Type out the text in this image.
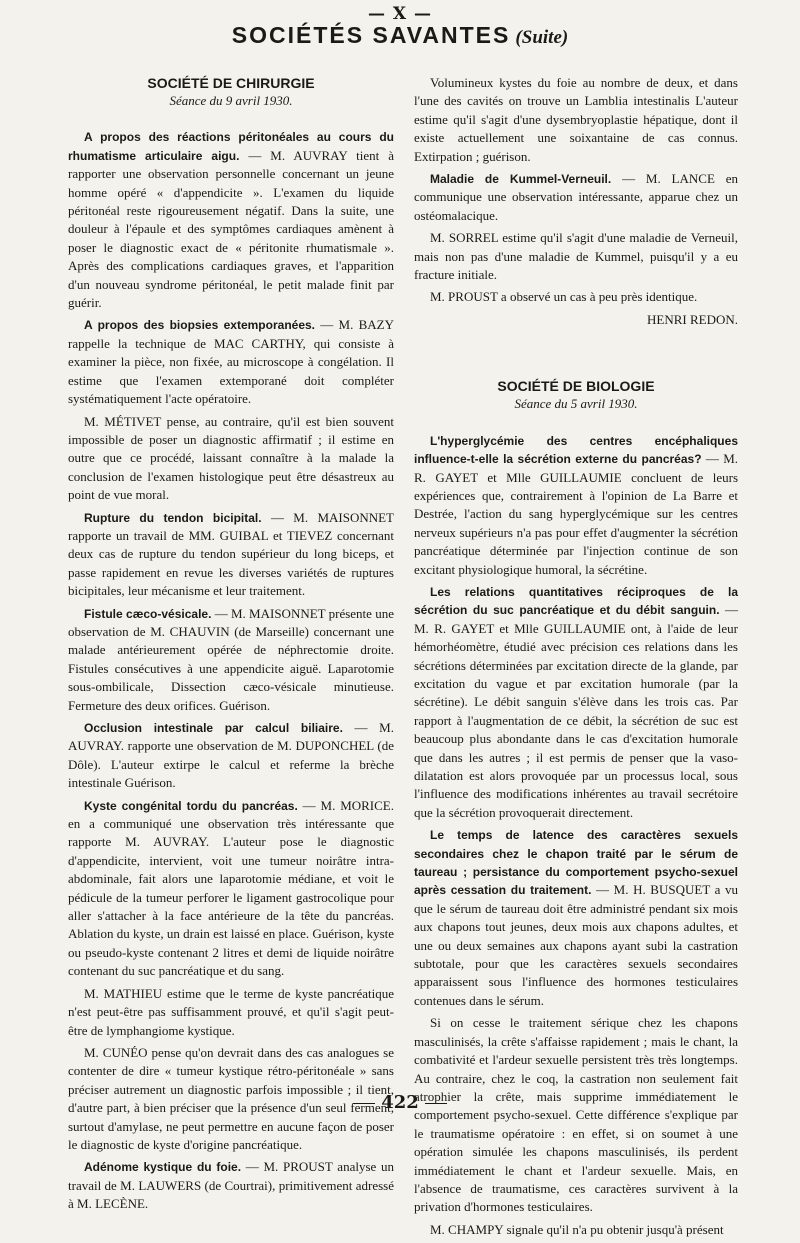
— X —
SOCIÉTÉS SAVANTES (Suite)
SOCIÉTÉ DE CHIRURGIE
Séance du 9 avril 1930.

A propos des réactions péritonéales au cours du rhumatisme articulaire aigu. — M. AUVRAY tient à rapporter une observation personnelle concernant un jeune homme opéré « d'appendicite ». L'examen du liquide péritonéal reste rigoureusement négatif. Dans la suite, une douleur à l'épaule et des symptômes cardiaques amènent à poser le diagnostic exact de « péritonite rhumatismale ». Après des complications cardiaques graves, et l'apparition d'un nouveau syndrome péritonéal, le petit malade finit par guérir.

A propos des biopsies extemporanées. — M. BAZY rappelle la technique de MAC CARTHY, qui consiste à examiner la pièce, non fixée, au microscope à congélation. Il estime que l'examen extemporané doit compléter systématiquement l'acte opératoire.

M. MÉTIVET pense, au contraire, qu'il est bien souvent impossible de poser un diagnostic affirmatif ; il estime en outre que ce procédé, laissant connaître à la malade la conclusion de l'examen histologique peut être désastreux au point de vue moral.

Rupture du tendon bicipital. — M. MAISONNET rapporte un travail de MM. GUIBAL et TIEVEZ concernant deux cas de rupture du tendon supérieur du long biceps, et passe rapidement en revue les diverses variétés de ruptures bicipitales, leur mécanisme et leur traitement.

Fistule cæco-vésicale. — M. MAISONNET présente une observation de M. CHAUVIN (de Marseille) concernant une malade antérieurement opérée de néphrectomie droite. Fistules consécutives à une appendicite aiguë. Laparotomie sous-ombilicale, Dissection cæco-vésicale minutieuse. Fermeture des deux orifices. Guérison.

Occlusion intestinale par calcul biliaire. — M. AUVRAY. rapporte une observation de M. DUPONCHEL (de Dôle). L'auteur extirpe le calcul et referme la brèche intestinale Guérison.

Kyste congénital tordu du pancréas. — M. MORICE. en a communiqué une observation très intéressante que rapporte M. AUVRAY. L'auteur pose le diagnostic d'appendicite, intervient, voit une tumeur noirâtre intra-abdominale, fait alors une laparotomie médiane, et voit le pédicule de la tumeur perforer le ligament gastrocolique pour aller s'attacher à la face antérieure de la tête du pancréas. Ablation du kyste, un drain est laissé en place. Guérison, kyste ou pseudo-kyste contenant 2 litres et demi de liquide noirâtre contenant du suc pancréatique et du sang.

M. MATHIEU estime que le terme de kyste pancréatique n'est peut-être pas suffisamment prouvé, et qu'il s'agit peut-être de lymphangiome kystique.

M. CUNÉO pense qu'on devrait dans des cas analogues se contenter de dire « tumeur kystique rétro-péritonéale » sans préciser autrement un diagnostic parfois impossible ; il tient, d'autre part, à bien préciser que la présence d'un seul ferment, surtout d'amylase, ne peut permettre en aucune façon de poser le diagnostic de kyste d'origine pancréatique.

Adénome kystique du foie. — M. PROUST analyse un travail de M. LAUWERS (de Courtrai), primitivement adressé à M. LECÈNE.

Volumineux kystes du foie au nombre de deux, et dans l'une des cavités on trouve un Lamblia intestinalis L'auteur estime qu'il s'agit d'une dysembryoplastie hépatique, dont il existe actuellement une soixantaine de cas connus. Extirpation ; guérison.

Maladie de Kummel-Verneuil. — M. LANCE en communique une observation intéressante, apparue chez un ostéomalacique.

M. SORREL estime qu'il s'agit d'une maladie de Verneuil, mais non pas d'une maladie de Kummel, puisqu'il y a eu fracture initiale.

M. PROUST a observé un cas à peu près identique.

HENRI REDON.
SOCIÉTÉ DE BIOLOGIE
Séance du 5 avril 1930.

L'hyperglycémie des centres encéphaliques influence-t-elle la sécrétion externe du pancréas? — M. R. GAYET et Mlle GUILLAUMIE concluent de leurs expériences que, contrairement à l'opinion de La Barre et Destrée, l'action du sang hyperglycémique sur les centres nerveux supérieurs n'a pas pour effet d'augmenter la sécrétion pancréatique déterminée par l'injection continue de son excitant physiologique humoral, la sécrétine.

Les relations quantitatives réciproques de la sécrétion du suc pancréatique et du débit sanguin. — M. R. GAYET et Mlle GUILLAUMIE ont, à l'aide de leur hémorhéomètre, étudié avec précision ces relations dans les sécrétions déterminées par excitation directe de la glande, par excitation du vague et par excitation humorale (par la sécrétine). Le débit sanguin s'élève dans les trois cas. Par rapport à l'augmentation de ce débit, la sécrétion de suc est beaucoup plus abondante dans le cas d'excitation humorale que dans les autres ; il est permis de penser que la vaso-dilatation est alors provoquée par un processus local, sous l'influence des modifications inhérentes au travail secrétoire que la sécrétion provoquerait directement.

Le temps de latence des caractères sexuels secondaires chez le chapon traité par le sérum de taureau ; persistance du comportement psycho-sexuel après cessation du traitement. — M. H. BUSQUET a vu que le sérum de taureau doit être administré pendant six mois aux chapons tout jeunes, deux mois aux chapons adultes, et une ou deux semaines aux chapons ayant subi la castration subtotale, pour que les caractères sexuels secondaires apparaissent sous l'influence des hormones testiculaires contenues dans le sérum.

Si on cesse le traitement sérique chez les chapons masculinisés, la crête s'affaisse rapidement ; mais le chant, la combativité et l'ardeur sexuelle persistent très très longtemps. Au contraire, chez le coq, la castration non seulement fait atrophier la crête, mais supprime immédiatement le comportement psycho-sexuel. Cette différence s'explique par le traumatisme opératoire : en effet, si on soumet à une opération simulée les chapons masculinisés, ils perdent immédiatement le chant et l'ardeur sexuelle. Mais, en l'absence de traumatisme, ces caractères survivent à la privation d'hormones testiculaires.

M. CHAMPY signale qu'il n'a pu obtenir jusqu'à présent

422
